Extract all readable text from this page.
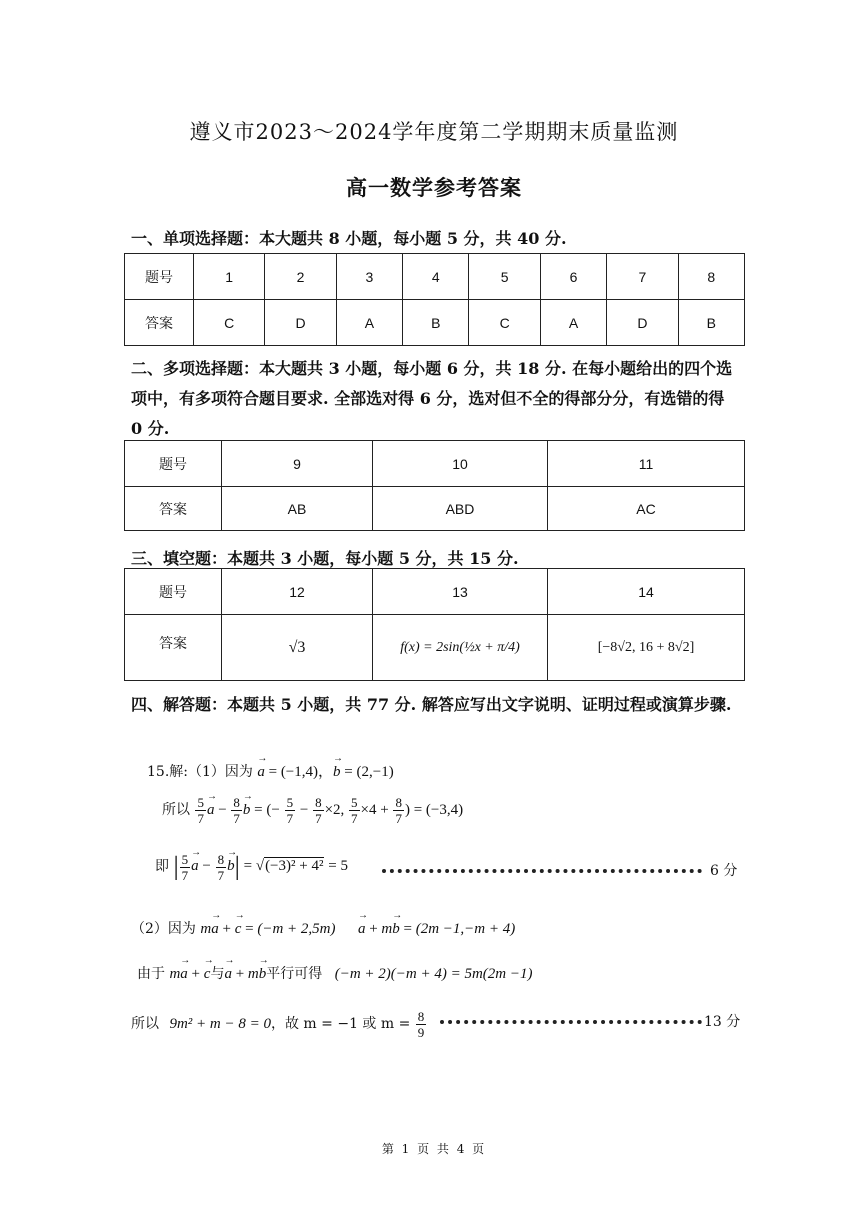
遵义市2023～2024学年度第二学期期末质量监测
高一数学参考答案
一、单项选择题：本大题共 8 小题，每小题 5 分，共 40 分.
题号	1	2	3	4	5	6	7	8
答案	C	D	A	B	C	A	D	B
二、多项选择题：本大题共 3 小题，每小题 6 分，共 18 分. 在每小题给出的四个选项中，有多项符合题目要求. 全部选对得 6 分，选对但不全的得部分分，有选错的得 0 分.
题号	9	10	11
答案	AB	ABD	AC
三、填空题：本题共 3 小题，每小题 5 分，共 15 分.
题号	12	13	14
答案	√3	f(x) = 2sin(½x + π/4)	[−8√2, 16 + 8√2]
四、解答题：本题共 5 小题，共 77 分. 解答应写出文字说明、证明过程或演算步骤.
15.解:（1）因为 → a = (−1,4)，→ b = (2,−1)
所以 $\frac{5}{7} \to a - \frac{8}{7} \to b$ = (− $\frac{5}{7} - \frac{8}{7} \times 2$, $\frac{5}{7} \times 4 + \frac{8}{7}$ ) = (−3,4)
即 | $\frac{5}{7} \to a - \frac{8}{7} \to b| = √(-3)^2 + 4^2 = 5$	6 分
（2）因为 m→ a + → c = (−m + 2,5m) → a + m→ b = (2m −1,−m + 4)
由于 m→ a + → c与→ a + m→ b平行可得 (−m + 2)(−m + 4) = 5m(2m −1)
所以 9m² + m − 8 = 0，故 m = −1 或 $m = \frac{8}{9}$	13 分
第 1 页 共 4 页
